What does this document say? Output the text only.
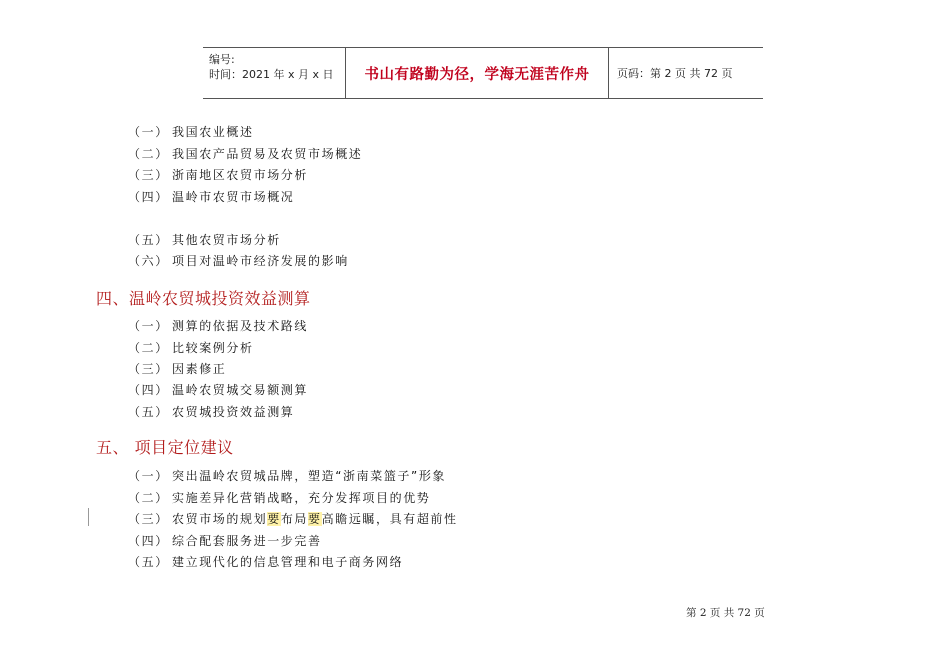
编号:
时间：2021 年 x 月 x 日	书山有路勤为径，学海无涯苦作舟	页码：第 2 页 共 72 页
（一） 我国农业概述
（二） 我国农产品贸易及农贸市场概述
（三） 浙南地区农贸市场分析
（四） 温岭市农贸市场概况
（五） 其他农贸市场分析
（六） 项目对温岭市经济发展的影响
四、温岭农贸城投资效益测算
（一） 测算的依据及技术路线
（二） 比较案例分析
（三） 因素修正
（四） 温岭农贸城交易额测算
（五） 农贸城投资效益测算
五、 项目定位建议
（一） 突出温岭农贸城品牌，塑造“浙南菜篮子”形象
（二） 实施差异化营销战略，充分发挥项目的优势
（三） 农贸市场的规划要布局要高瞻远瞩，具有超前性
（四） 综合配套服务进一步完善
（五） 建立现代化的信息管理和电子商务网络
第 2 页 共 72 页
